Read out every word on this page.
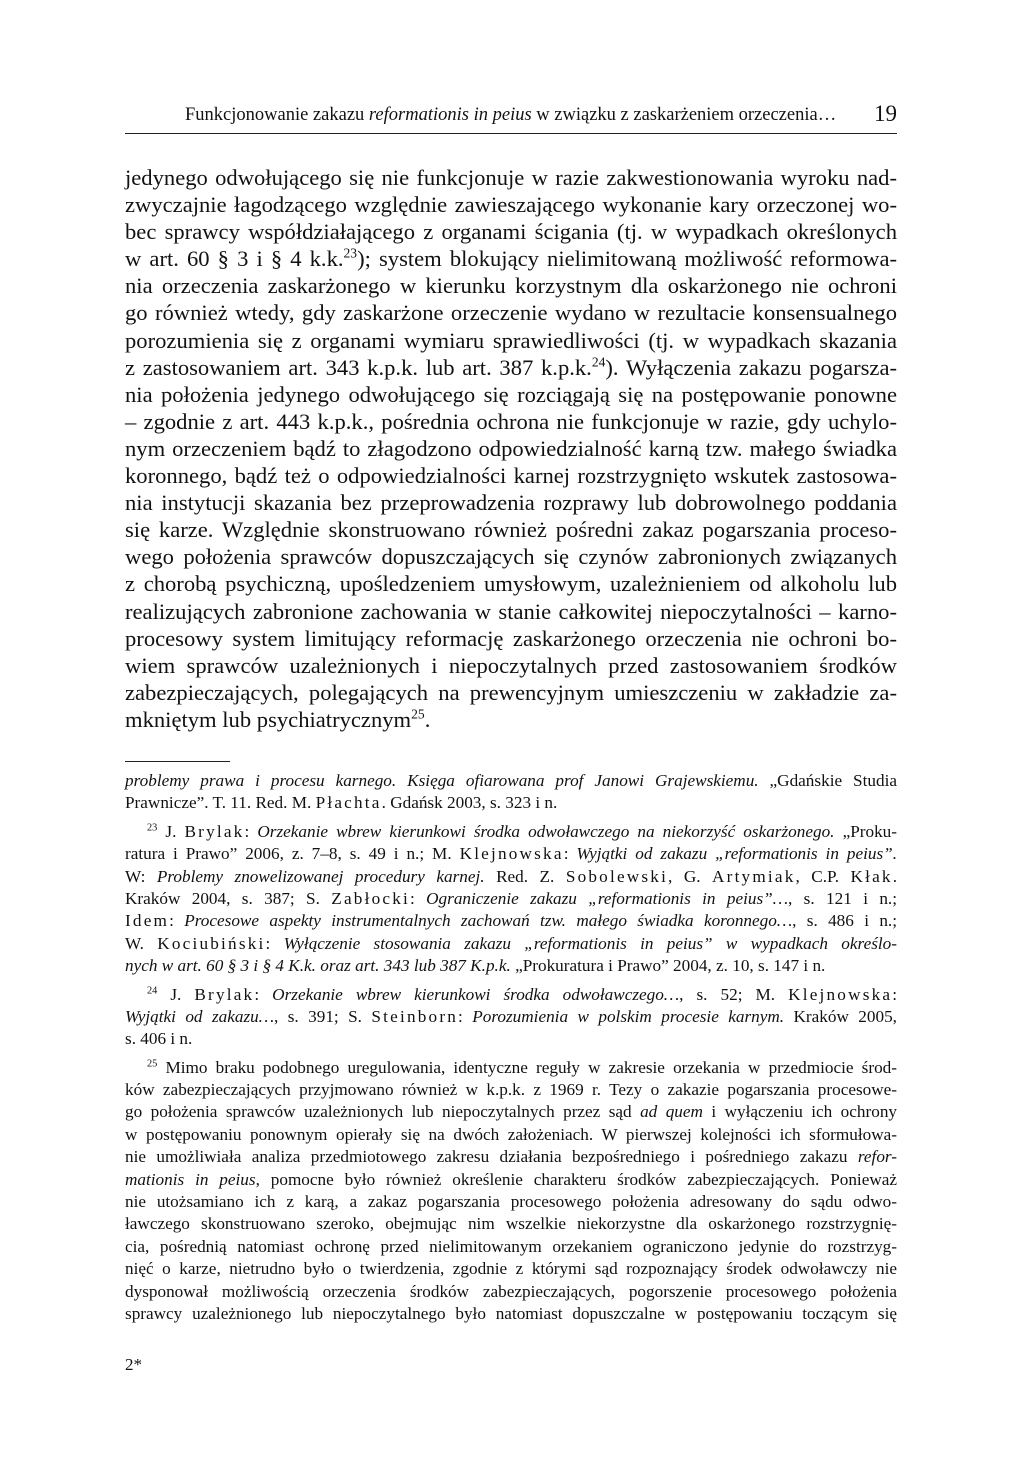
Funkcjonowanie zakazu reformationis in peius w związku z zaskarżeniem orzeczenia… 19
jedynego odwołującego się nie funkcjonuje w razie zakwestionowania wyroku nad-
zwyczajnie łagodzącego względnie zawieszającego wykonanie kary orzeczonej wo-
bec sprawcy współdziałającego z organami ścigania (tj. w wypadkach określonych
w art. 60 § 3 i § 4 k.k.$^{23}$); system blokujący nielimitowaną możliwość reformowa-
nia orzeczenia zaskarżonego w kierunku korzystnym dla oskarżonego nie ochroni
go również wtedy, gdy zaskarżone orzeczenie wydano w rezultacie konsensualnego
porozumienia się z organami wymiaru sprawiedliwości (tj. w wypadkach skazania
z zastosowaniem art. 343 k.p.k. lub art. 387 k.p.k.$^{24}$). Wyłączenia zakazu pogarsza-
nia położenia jedynego odwołującego się rozciągają się na postępowanie ponowne
– zgodnie z art. 443 k.p.k., pośrednia ochrona nie funkcjonuje w razie, gdy uchylo-
nym orzeczeniem bądź to złagodzono odpowiedzialność karną tzw. małego świadka
koronnego, bądź też o odpowiedzialności karnej rozstrzygnięto wskutek zastosowa-
nia instytucji skazania bez przeprowadzenia rozprawy lub dobrowolnego poddania
się karze. Względnie skonstruowano również pośredni zakaz pogarszania proceso-
wego położenia sprawców dopuszczających się czynów zabronionych związanych
z chorobą psychiczną, upośledzeniem umysłowym, uzależnieniem od alkoholu lub
realizujących zabronione zachowania w stanie całkowitej niepoczytalności – karno-
procesowy system limitujący reformację zaskarżonego orzeczenia nie ochroni bo-
wiem sprawców uzależnionych i niepoczytalnych przed zastosowaniem środków
zabezpieczających, polegających na prewencyjnym umieszczeniu w zakładzie za-
mkniętym lub psychiatrycznym$^{25}$.
problemy prawa i procesu karnego. Księga ofiarowana prof Janowi Grajewskiemu. „Gdańskie Studia
Prawnicze”. T. 11. Red. M. Płachta. Gdańsk 2003, s. 323 i n.
$^{23}$ J. Brylak: Orzekanie wbrew kierunkowi środka odwoławczego na niekorzyść oskarżonego. „Proku-
ratura i Prawo” 2006, z. 7–8, s. 49 i n.; M. Klejnowska: Wyjątki od zakazu „reformationis in peius”.
W: Problemy znowelizowanej procedury karnej. Red. Z. Sobolewski, G. Artymiak, C.P. Kłak.
Kraków 2004, s. 387; S. Zabłocki: Ograniczenie zakazu „reformationis in peius”…, s. 121 i n.;
Idem: Procesowe aspekty instrumentalnych zachowań tzw. małego świadka koronnego…, s. 486 i n.;
W. Kociubiński: Wyłączenie stosowania zakazu „reformationis in peius” w wypadkach określo-
nych w art. 60 § 3 i § 4 K.k. oraz art. 343 lub 387 K.p.k. „Prokuratura i Prawo” 2004, z. 10, s. 147 i n.
$^{24}$ J. Brylak: Orzekanie wbrew kierunkowi środka odwoławczego…, s. 52; M. Klejnowska:
Wyjątki od zakazu…, s. 391; S. Steinborn: Porozumienia w polskim procesie karnym. Kraków 2005,
s. 406 i n.
$^{25}$ Mimo braku podobnego uregulowania, identyczne reguły w zakresie orzekania w przedmiocie środ-
ków zabezpieczających przyjmowano również w k.p.k. z 1969 r. Tezy o zakazie pogarszania procesowe-
go położenia sprawców uzależnionych lub niepoczytalnych przez sąd ad quem i wyłączeniu ich ochrony
w postępowaniu ponownym opierały się na dwóch założeniach. W pierwszej kolejności ich sformułowa-
nie umożliwiała analiza przedmiotowego zakresu działania bezpośredniego i pośredniego zakazu refor-
mationis in peius, pomocne było również określenie charakteru środków zabezpieczających. Ponieważ
nie utożsamiano ich z karą, a zakaz pogarszania procesowego położenia adresowany do sądu odwo-
ławczego skonstruowano szeroko, obejmując nim wszelkie niekorzystne dla oskarżonego rozstrzygnię-
cia, pośrednią natomiast ochronę przed nielimitowanym orzekaniem ograniczono jedynie do rozstrzyg-
nięć o karze, nietrudno było o twierdzenia, zgodnie z którymi sąd rozpoznający środek odwoławczy nie
dysponował możliwością orzeczenia środków zabezpieczających, pogorszenie procesowego położenia
sprawcy uzależnionego lub niepoczytalnego było natomiast dopuszczalne w postępowaniu toczącym się
2*
